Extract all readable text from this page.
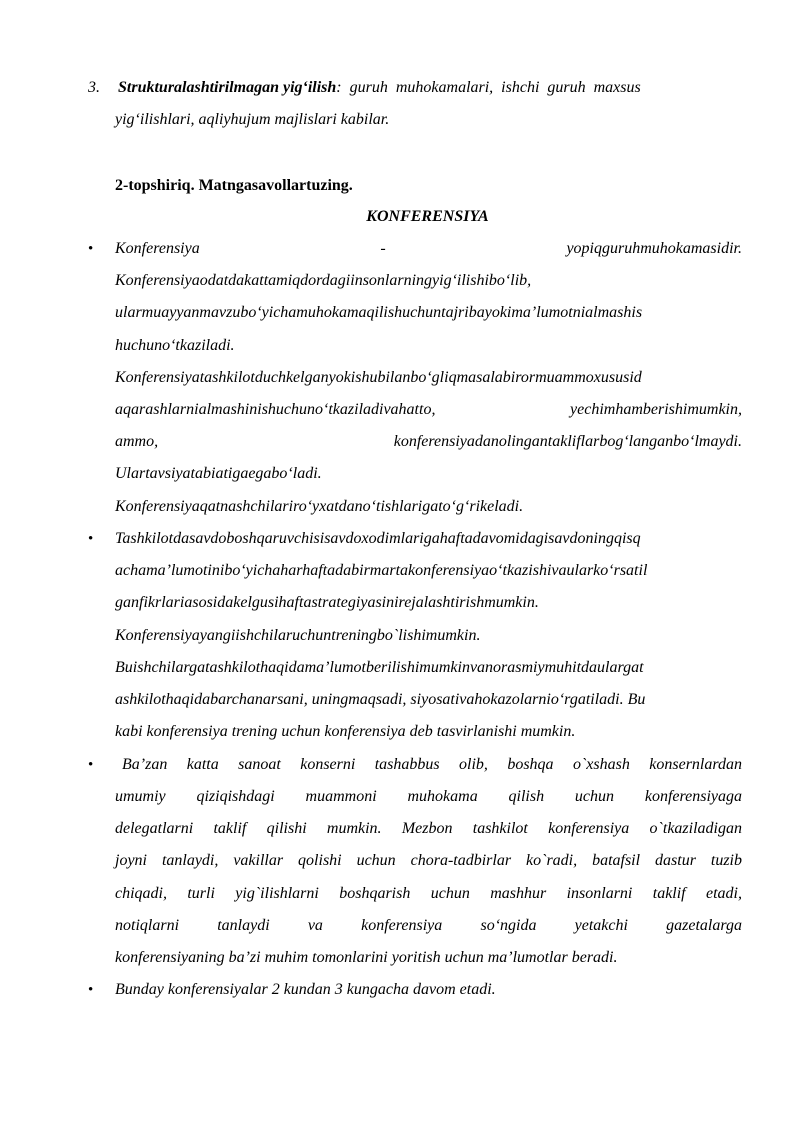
3. Strukturalashtirilmagan yig‘ilish: guruh muhokamalari, ishchi guruh maxsus
yig‘ilishlari, aqliyhujum majlislari kabilar.
2-topshiriq. Matngasavollartuzing.
KONFERENSIYA
• Konferensiya - yopiqguruhmuhokamasidir.
Konferensiyaodatdakattamiqdordagiinsonlarningyig‘ilishibo‘lib,
ularmuayyanmavzubo‘yichamuhokamaqilishuchuntajribayokima’lumotnialmashis
huchuno‘tkaziladi.
Konferensiyatashkilotduchkelganyokishubilanbo‘gliqmasalabirormuammoxususid
aqarashlarnialmashinishuchuno‘tkaziladivahatto, yechimhamberishimumkin,
ammo, konferensiyadanolingantakliflarbog‘langanbo‘lmaydi.
Ulartavsiyatabiatigaegabo‘ladi.
Konferensiyaqatnashchilariro‘yxatdano‘tishlarigato‘g‘rikeladi.
• Tashkilotdasavdoboshqaruvchisisavdoxodimlarigahaftadavomidagisavdoningqisq
achama’lumotinibo‘yichaharhaftadabirmartakonferensiyao‘tkazishivaularko‘rsatil
ganfikrlariasosidakelgusihaftastrategiyasinirejalashtirishmumkin.
Konferensiyayangiishchilaruchuntreningbo`lishimumkin.
Buishchilargatashkilothaqidama’lumotberilishimumkinvanorasmiymuhitdaulargat
ashkilothaqidabarchanarsani, uningmaqsadi, siyosativahokazolarnio‘rgatiladi. Bu
kabi konferensiya trening uchun konferensiya deb tasvirlanishi mumkin.
• Ba’zan katta sanoat konserni tashabbus olib, boshqa o`xshash konsernlardan
umumiy qiziqishdagi muammoni muhokama qilish uchun konferensiyaga
delegatlarni taklif qilishi mumkin. Mezbon tashkilot konferensiya o`tkaziladigan
joyni tanlaydi, vakillar qolishi uchun chora-tadbirlar ko`radi, batafsil dastur tuzib
chiqadi, turli yig`ilishlarni boshqarish uchun mashhur insonlarni taklif etadi,
notiqlarni tanlaydi va konferensiya so‘ngida yetakchi gazetalarga
konferensiyaning ba’zi muhim tomonlarini yoritish uchun ma’lumotlar beradi.
• Bunday konferensiyalar 2 kundan 3 kungacha davom etadi.
